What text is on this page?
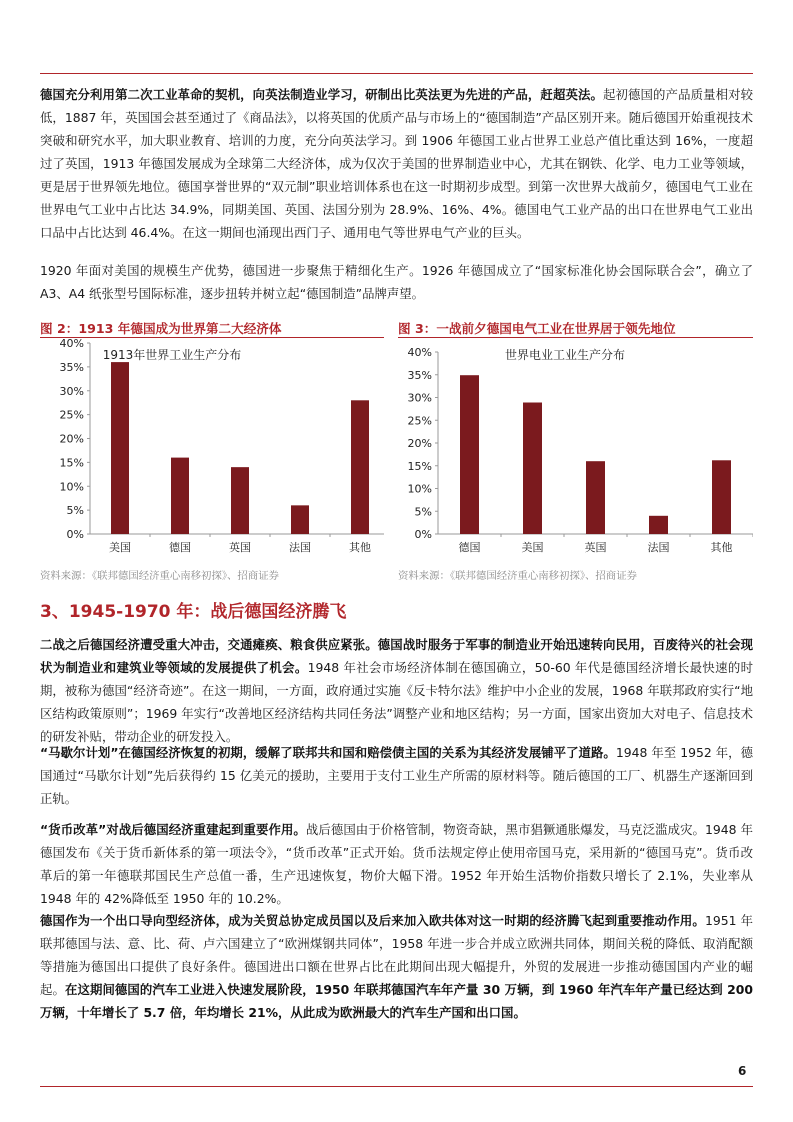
德国充分利用第二次工业革命的契机，向英法制造业学习，研制出比英法更为先进的产品，赶超英法。起初德国的产品质量相对较低，1887 年，英国国会甚至通过了《商品法》，以将英国的优质产品与市场上的“德国制造”产品区别开来。随后德国开始重视技术突破和研究水平，加大职业教育、培训的力度，充分向英法学习。到 1906 年德国工业占世界工业总产值比重达到 16%，一度超过了英国，1913 年德国发展成为全球第二大经济体，成为仅次于美国的世界制造业中心，尤其在钢铁、化学、电力工业等领域，更是居于世界领先地位。德国享誉世界的“双元制”职业培训体系也在这一时期初步成型。到第一次世界大战前夕，德国电气工业在世界电气工业中占比达 34.9%，同期美国、英国、法国分别为 28.9%、16%、4%。德国电气工业产品的出口在世界电气工业出口品中占比达到 46.4%。在这一期间也涌现出西门子、通用电气等世界电气产业的巨头。

1920 年面对美国的规模生产优势，德国进一步聚焦于精细化生产。1926 年德国成立了“国家标准化协会国际联合会”，确立了 A3、A4 纸张型号国际标准，逐步扭转并树立起“德国制造”品牌声望。

图 2：1913 年德国成为世界第二大经济体
0%
5%
10%
15%
20%
25%
30%
35%
40%
美国	德国	英国	法国	其他
1913年世界工业生产分布
资料来源：《联邦德国经济重心南移初探》、招商证券
图 3：一战前夕德国电气工业在世界居于领先地位
0%
5%
10%
15%
20%
25%
30%
35%
40%
德国	美国	英国	法国	其他
世界电业工业生产分布
资料来源：《联邦德国经济重心南移初探》、招商证券
3、1945-1970 年：战后德国经济腾飞

二战之后德国经济遭受重大冲击，交通瘫痪、粮食供应紧张。德国战时服务于军事的制造业开始迅速转向民用，百废待兴的社会现状为制造业和建筑业等领域的发展提供了机会。1948 年社会市场经济体制在德国确立，50-60 年代是德国经济增长最快速的时期，被称为德国“经济奇迹”。在这一期间，一方面，政府通过实施《反卡特尔法》维护中小企业的发展，1968 年联邦政府实行“地区结构政策原则”；1969 年实行“改善地区经济结构共同任务法”调整产业和地区结构；另一方面，国家出资加大对电子、信息技术的研发补贴，带动企业的研发投入。

“马歇尔计划”在德国经济恢复的初期，缓解了联邦共和国和赔偿债主国的关系为其经济发展铺平了道路。1948 年至 1952 年，德国通过“马歇尔计划”先后获得约 15 亿美元的援助，主要用于支付工业生产所需的原材料等。随后德国的工厂、机器生产逐渐回到正轨。

“货币改革”对战后德国经济重建起到重要作用。战后德国由于价格管制，物资奇缺，黑市猖獗通胀爆发，马克泛滥成灾。1948 年德国发布《关于货币新体系的第一项法令》，“货币改革”正式开始。货币法规定停止使用帝国马克，采用新的“德国马克”。货币改革后的第一年德联邦国民生产总值一番，生产迅速恢复，物价大幅下滑。1952 年开始生活物价指数只增长了 2.1%，失业率从 1948 年的 42%降低至 1950 年的 10.2%。

德国作为一个出口导向型经济体，成为关贸总协定成员国以及后来加入欧共体对这一时期的经济腾飞起到重要推动作用。1951 年联邦德国与法、意、比、荷、卢六国建立了“欧洲煤钢共同体”，1958 年进一步合并成立欧洲共同体，期间关税的降低、取消配额等措施为德国出口提供了良好条件。德国进出口额在世界占比在此期间出现大幅提升，外贸的发展进一步推动德国国内产业的崛起。在这期间德国的汽车工业进入快速发展阶段，1950 年联邦德国汽车年产量 30 万辆，到 1960 年汽车年产量已经达到 200 万辆，十年增长了 5.7 倍，年均增长 21%，从此成为欧洲最大的汽车生产国和出口国。

6
